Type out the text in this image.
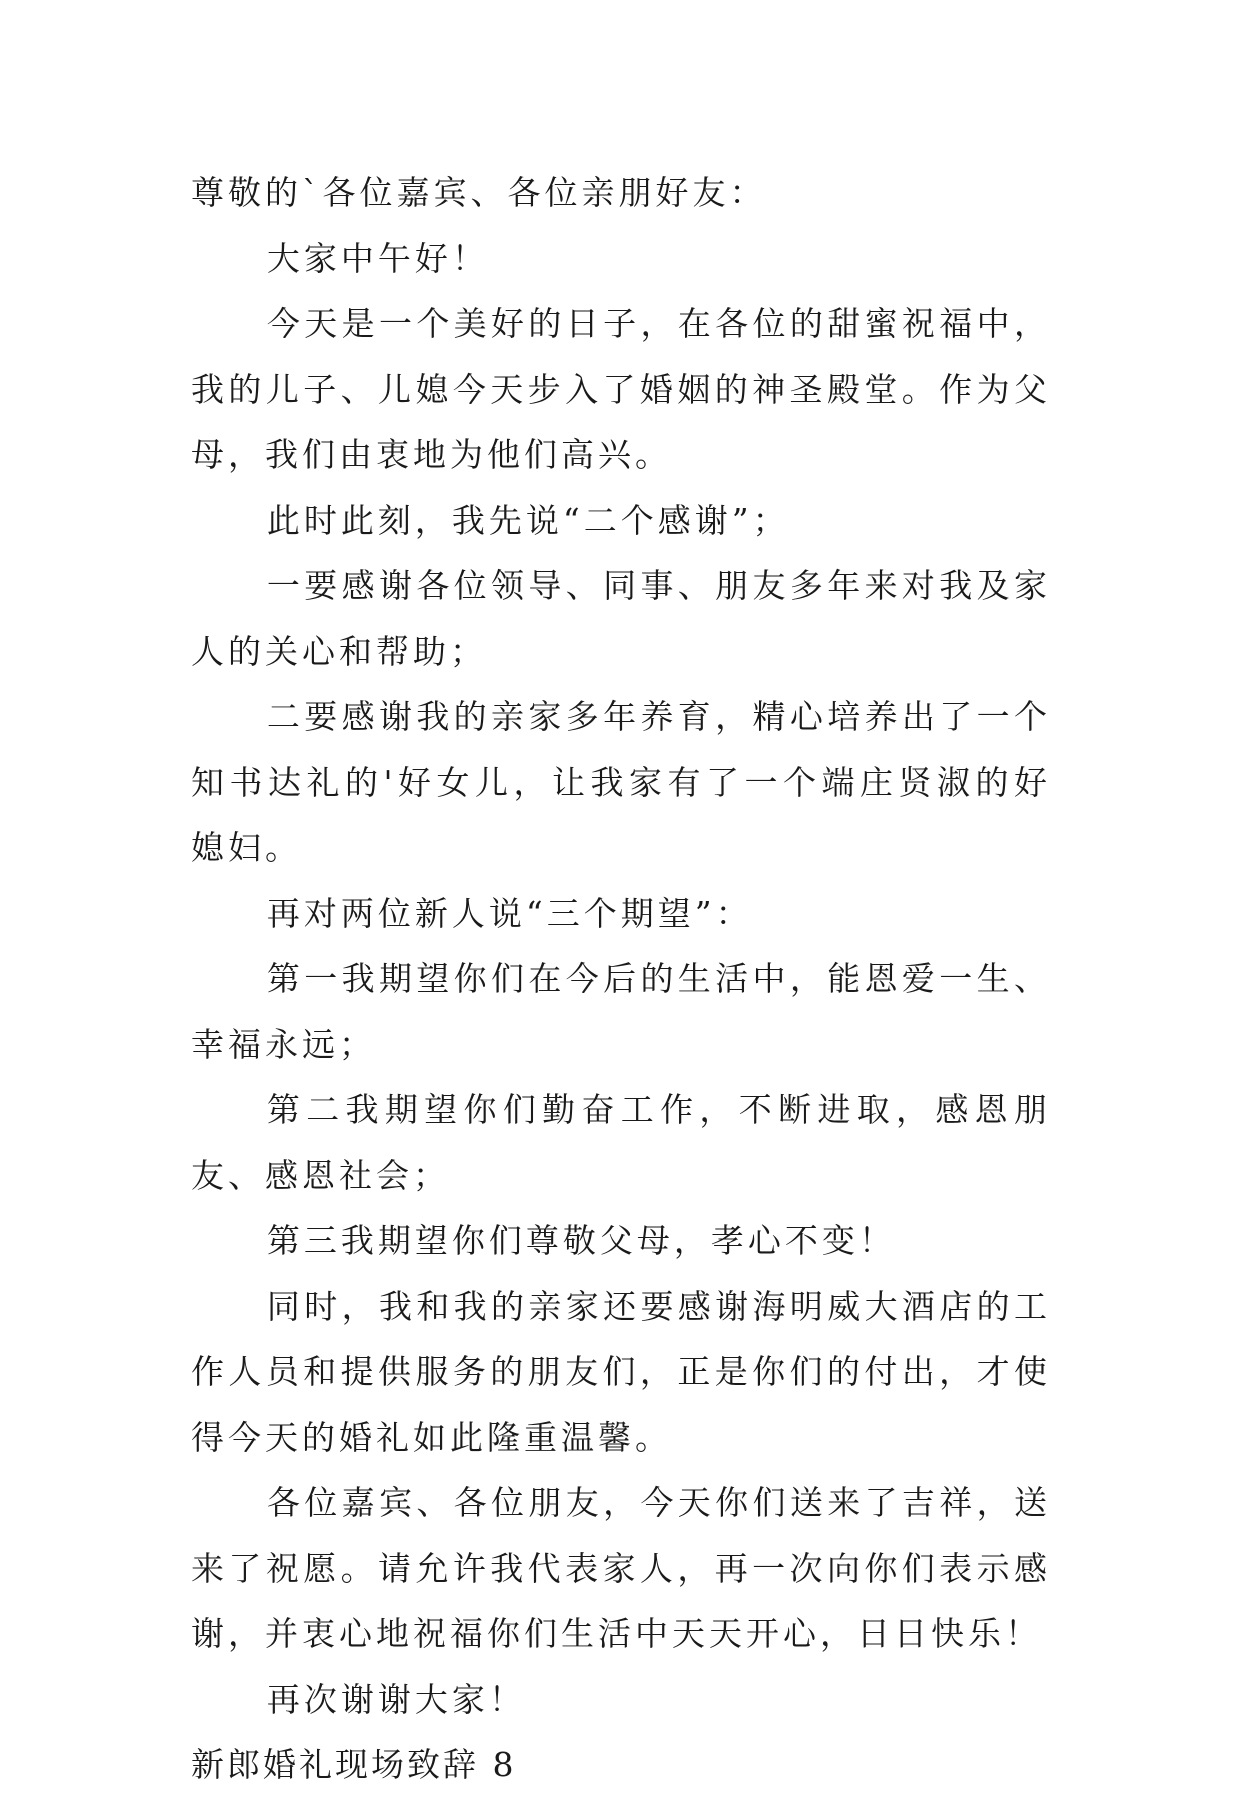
尊敬的`各位嘉宾、各位亲朋好友：

大家中午好！

今天是一个美好的日子，在各位的甜蜜祝福中，我的儿子、儿媳今天步入了婚姻的神圣殿堂。作为父母，我们由衷地为他们高兴。

此时此刻，我先说“二个感谢”；

一要感谢各位领导、同事、朋友多年来对我及家人的关心和帮助；

二要感谢我的亲家多年养育，精心培养出了一个知书达礼的'好女儿，让我家有了一个端庄贤淑的好媳妇。

再对两位新人说“三个期望”：

第一我期望你们在今后的生活中，能恩爱一生、幸福永远；

第二我期望你们勤奋工作，不断进取，感恩朋友、感恩社会；

第三我期望你们尊敬父母，孝心不变！

同时，我和我的亲家还要感谢海明威大酒店的工作人员和提供服务的朋友们，正是你们的付出，才使得今天的婚礼如此隆重温馨。

各位嘉宾、各位朋友，今天你们送来了吉祥，送来了祝愿。请允许我代表家人，再一次向你们表示感谢，并衷心地祝福你们生活中天天开心，日日快乐！

再次谢谢大家！

新郎婚礼现场致辞 8
